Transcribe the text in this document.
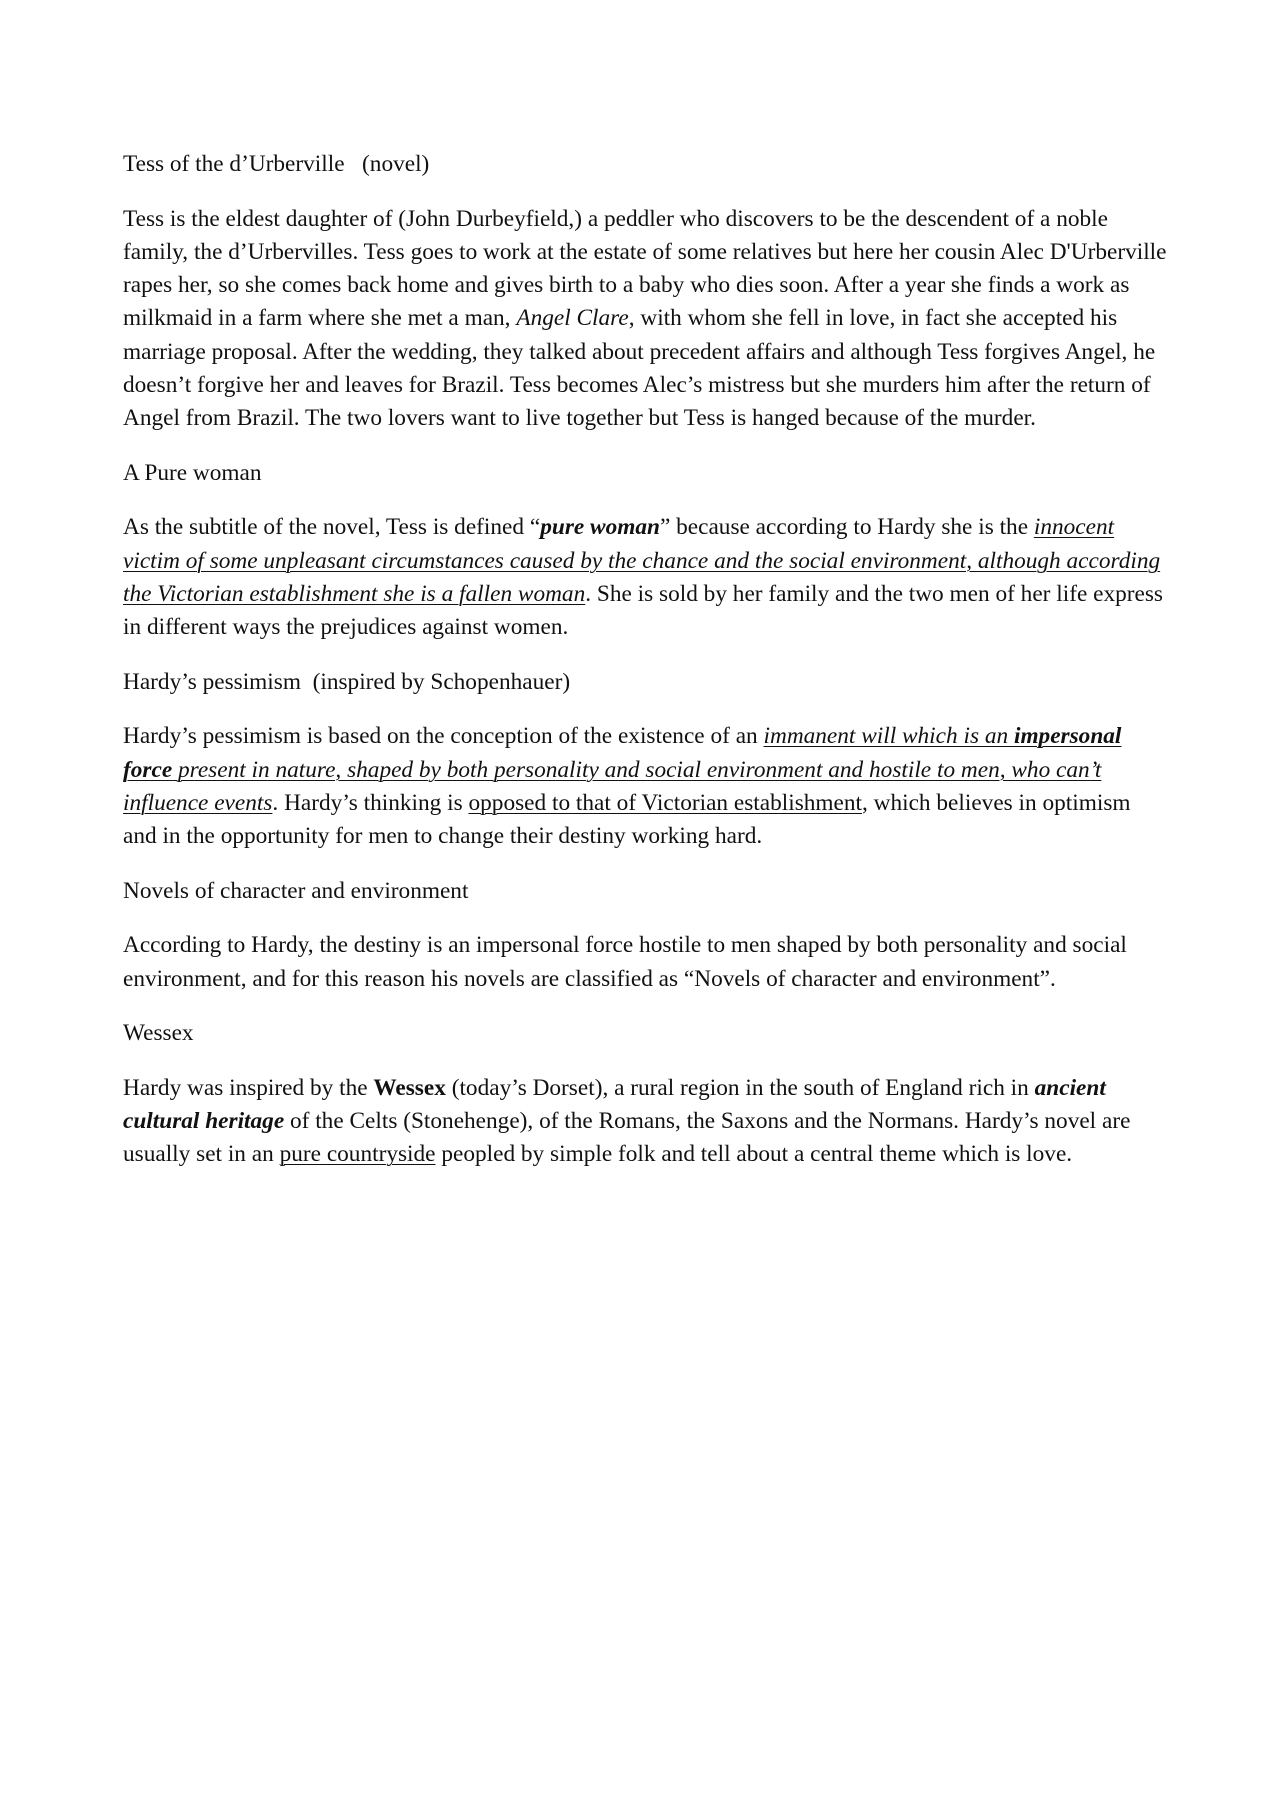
Tess of the d’Urberville   (novel)

Tess is the eldest daughter of (John Durbeyfield,) a peddler who discovers to be the descendent of a noble family, the d’Urbervilles. Tess goes to work at the estate of some relatives but here her cousin Alec D'Urberville rapes her, so she comes back home and gives birth to a baby who dies soon. After a year she finds a work as milkmaid in a farm where she met a man, Angel Clare, with whom she fell in love, in fact she accepted his marriage proposal. After the wedding, they talked about precedent affairs and although Tess forgives Angel, he doesn’t forgive her and leaves for Brazil. Tess becomes Alec’s mistress but she murders him after the return of Angel from Brazil. The two lovers want to live together but Tess is hanged because of the murder.

A Pure woman

As the subtitle of the novel, Tess is defined “pure woman” because according to Hardy she is the innocent victim of some unpleasant circumstances caused by the chance and the social environment, although according the Victorian establishment she is a fallen woman. She is sold by her family and the two men of her life express in different ways the prejudices against women.

Hardy’s pessimism  (inspired by Schopenhauer)

Hardy’s pessimism is based on the conception of the existence of an immanent will which is an impersonal force present in nature, shaped by both personality and social environment and hostile to men, who can’t influence events. Hardy’s thinking is opposed to that of Victorian establishment, which believes in optimism and in the opportunity for men to change their destiny working hard.

Novels of character and environment

According to Hardy, the destiny is an impersonal force hostile to men shaped by both personality and social environment, and for this reason his novels are classified as “Novels of character and environment”.

Wessex

Hardy was inspired by the Wessex (today’s Dorset), a rural region in the south of England rich in ancient cultural heritage of the Celts (Stonehenge), of the Romans, the Saxons and the Normans. Hardy’s novel are usually set in an pure countryside peopled by simple folk and tell about a central theme which is love.
